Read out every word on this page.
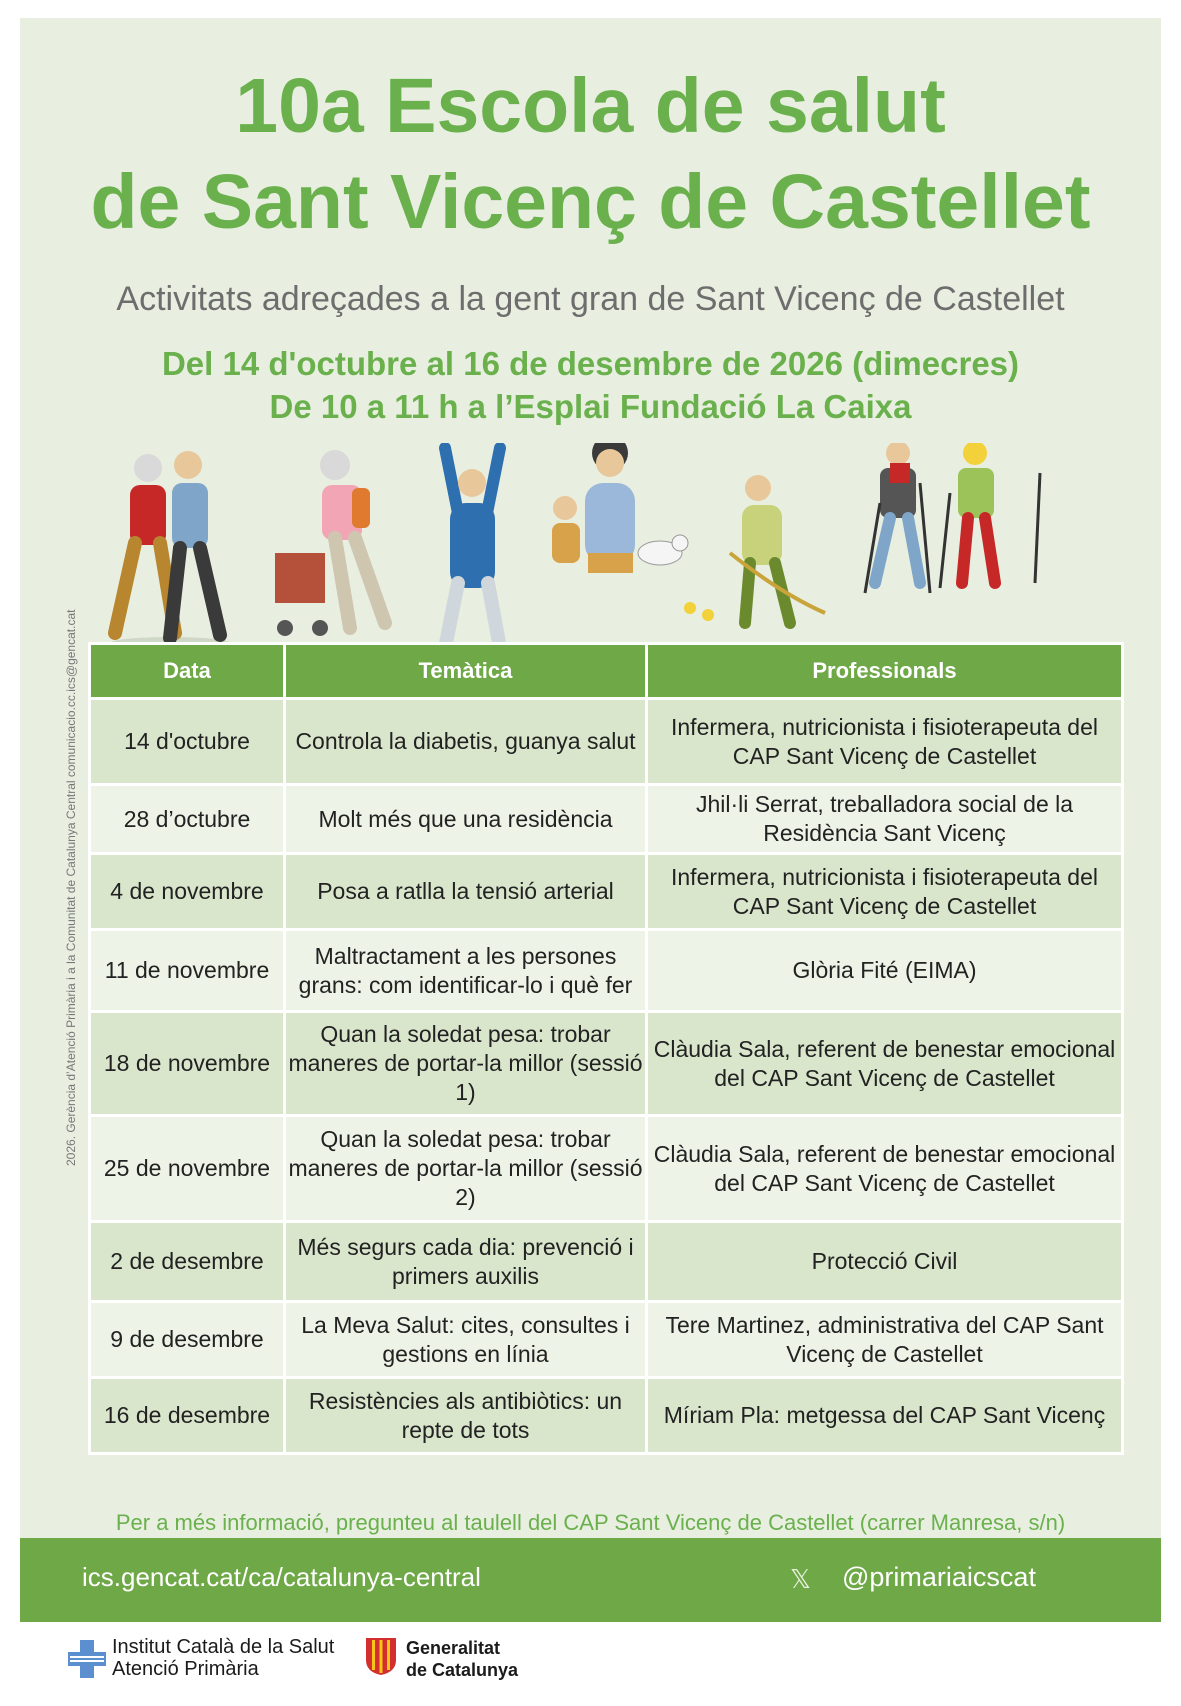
10a Escola de salut
de Sant Vicenç de Castellet
Activitats adreçades a la gent gran de Sant Vicenç de Castellet
Del 14 d'octubre al 16 de desembre de 2026 (dimecres)
De 10 a 11 h a l’Esplai Fundació La Caixa
2026. Gerència d’Atenció Primària i a la Comunitat de Catalunya Central comunicacio.cc.ics@gencat.cat
Per a més informació, pregunteu al taulell del CAP Sant Vicenç de Castellet (carrer Manresa, s/n)
Data	Temàtica	Professionals
14 d'octubre	Controla la diabetis, guanya salut	Infermera, nutricionista i fisioterapeuta del CAP Sant Vicenç de Castellet
28 d’octubre	Molt més que una residència	Jhil·li Serrat, treballadora social de la Residència Sant Vicenç
4 de novembre	Posa a ratlla la tensió arterial	Infermera, nutricionista i fisioterapeuta del CAP Sant Vicenç de Castellet
11 de novembre	Maltractament a les persones grans: com identificar-lo i què fer	Glòria Fité (EIMA)
18 de novembre	Quan la soledat pesa: trobar maneres de portar-la millor (sessió 1)	Clàudia Sala, referent de benestar emocional del CAP Sant Vicenç de Castellet
25 de novembre	Quan la soledat pesa: trobar maneres de portar-la millor (sessió 2)	Clàudia Sala, referent de benestar emocional del CAP Sant Vicenç de Castellet
2 de desembre	Més segurs cada dia: prevenció i primers auxilis	Protecció Civil
9 de desembre	La Meva Salut: cites, consultes i gestions en línia	Tere Martinez, administrativa del CAP Sant Vicenç de Castellet
16 de desembre	Resistències als antibiòtics: un repte de tots	Míriam Pla: metgessa del CAP Sant Vicenç
ics.gencat.cat/ca/catalunya-central	𝕏 @primariaicscat
Institut Català de la Salut
Atenció Primària
Generalitat
de Catalunya
